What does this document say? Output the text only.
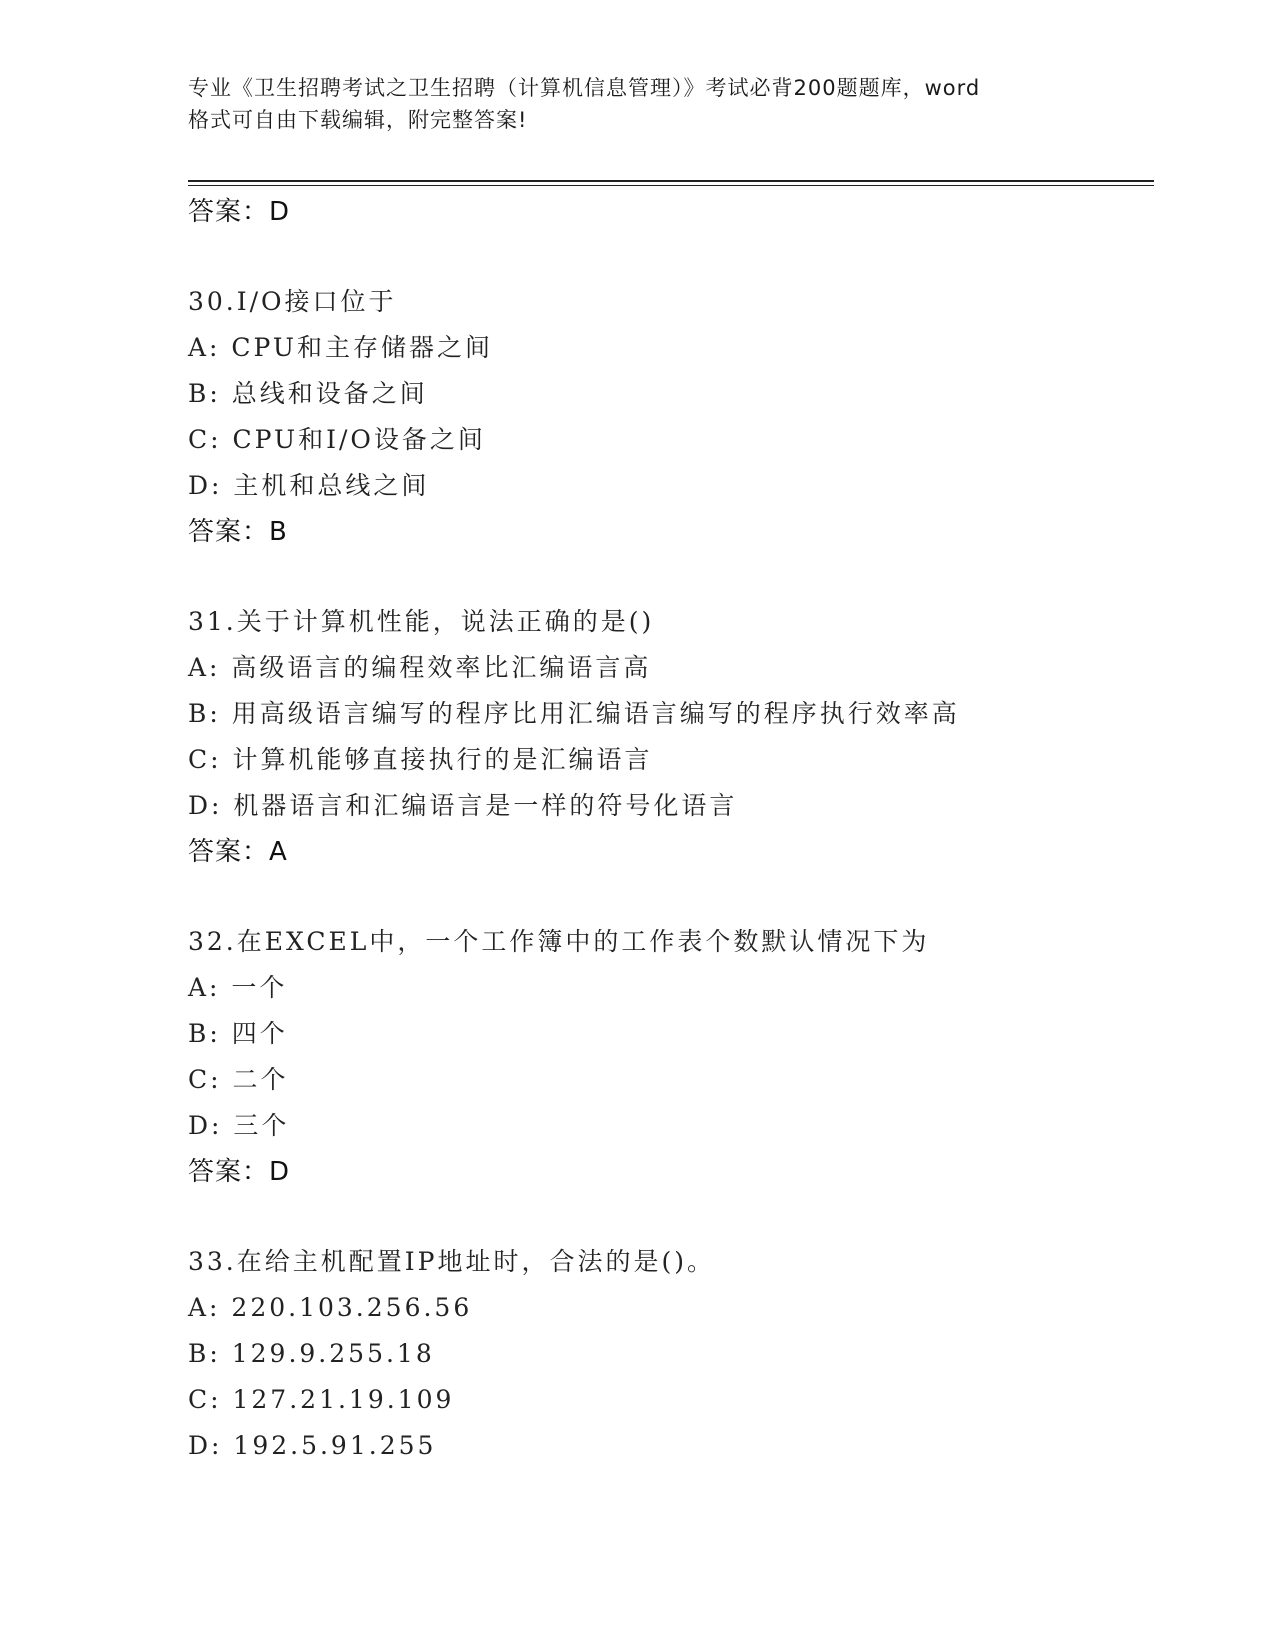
专业《卫生招聘考试之卫生招聘（计算机信息管理）》考试必背200题题库，word
格式可自由下载编辑，附完整答案!
答案：D
30.I/O接口位于
A: CPU和主存储器之间
B: 总线和设备之间
C: CPU和I/O设备之间
D: 主机和总线之间
答案：B
31.关于计算机性能，说法正确的是()
A: 高级语言的编程效率比汇编语言高
B: 用高级语言编写的程序比用汇编语言编写的程序执行效率高
C: 计算机能够直接执行的是汇编语言
D: 机器语言和汇编语言是一样的符号化语言
答案：A
32.在EXCEL中，一个工作簿中的工作表个数默认情况下为
A: 一个
B: 四个
C: 二个
D: 三个
答案：D
33.在给主机配置IP地址时，合法的是()。
A: 220.103.256.56
B: 129.9.255.18
C: 127.21.19.109
D: 192.5.91.255
